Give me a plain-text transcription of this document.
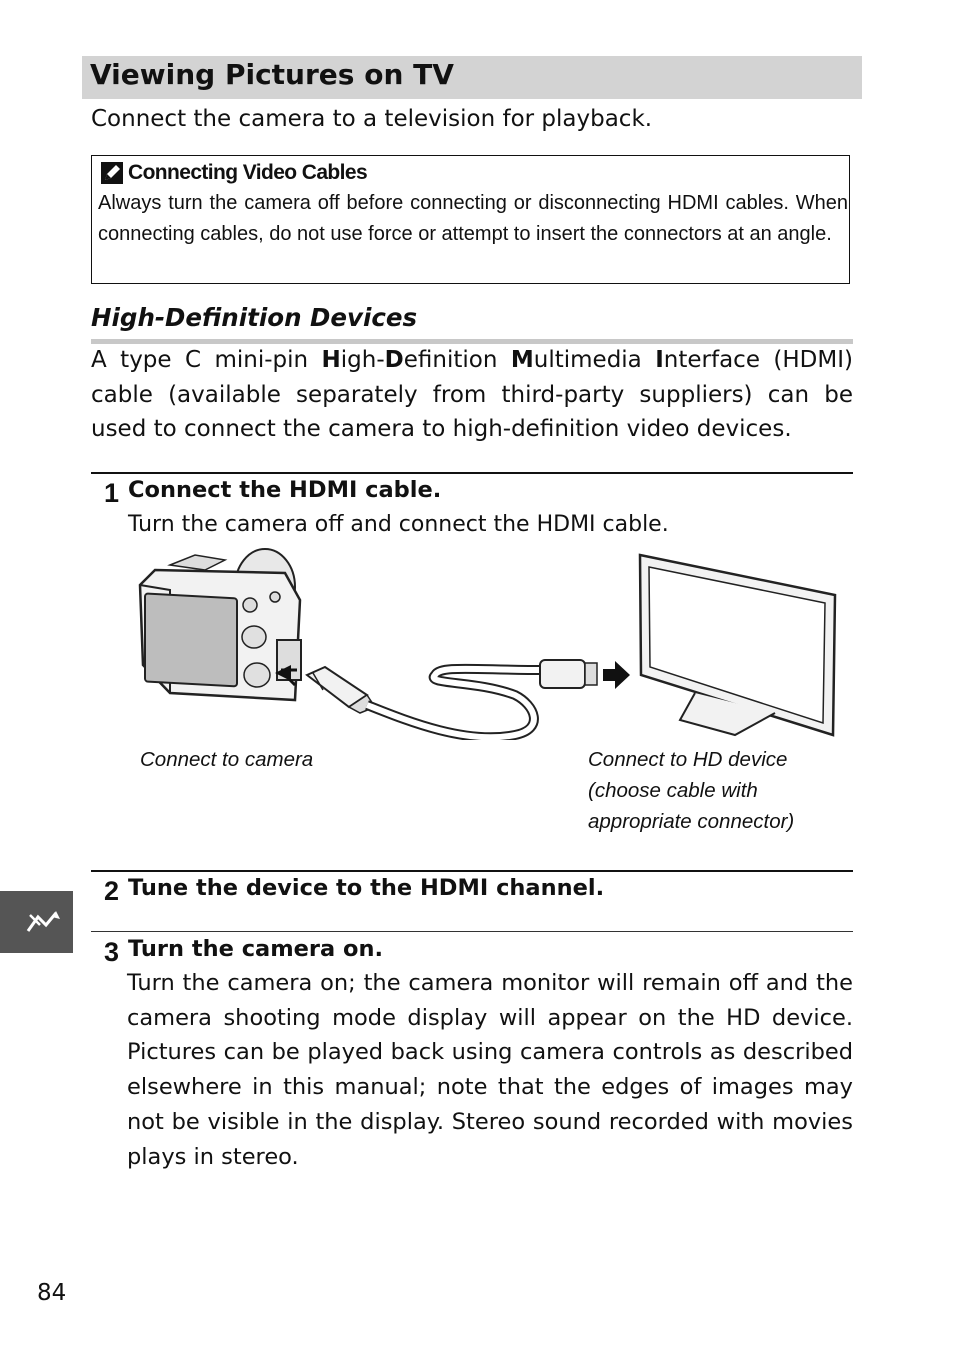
Viewing Pictures on TV
Connect the camera to a television for playback.
Connecting Video Cables
Always turn the camera off before connecting or disconnecting HDMI cables. When connecting cables, do not use force or attempt to insert the connectors at an angle.
High-Definition Devices
A type C mini-pin High-Definition Multimedia Interface (HDMI) cable (available separately from third-party suppliers) can be used to connect the camera to high-definition video devices.
1 Connect the HDMI cable.
Turn the camera off and connect the HDMI cable.
Connect to camera	Connect to HD device
(choose cable with
appropriate connector)
2 Tune the device to the HDMI channel.
3 Turn the camera on.
Turn the camera on; the camera monitor will remain off and the camera shooting mode display will appear on the HD device. Pictures can be played back using camera controls as described elsewhere in this manual; note that the edges of images may not be visible in the display. Stereo sound recorded with movies plays in stereo.
84
